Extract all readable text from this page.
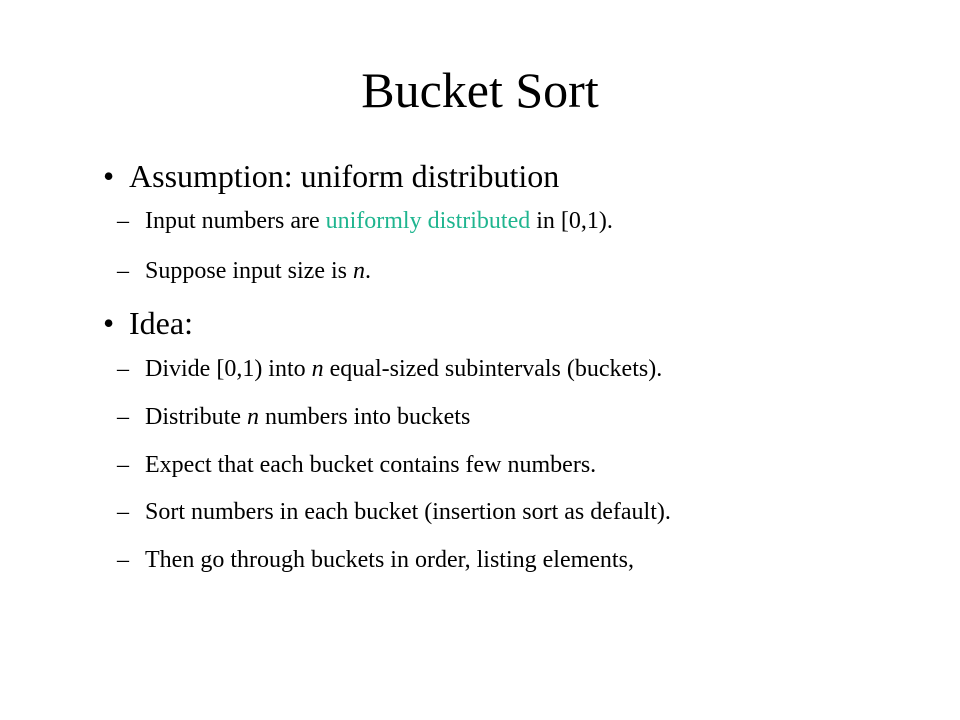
Bucket Sort
• Assumption: uniform distribution
– Input numbers are uniformly distributed in [0,1).
– Suppose input size is n.
• Idea:
– Divide [0,1) into n equal-sized subintervals (buckets).
– Distribute n numbers into buckets
– Expect that each bucket contains few numbers.
– Sort numbers in each bucket (insertion sort as default).
– Then go through buckets in order, listing elements,
